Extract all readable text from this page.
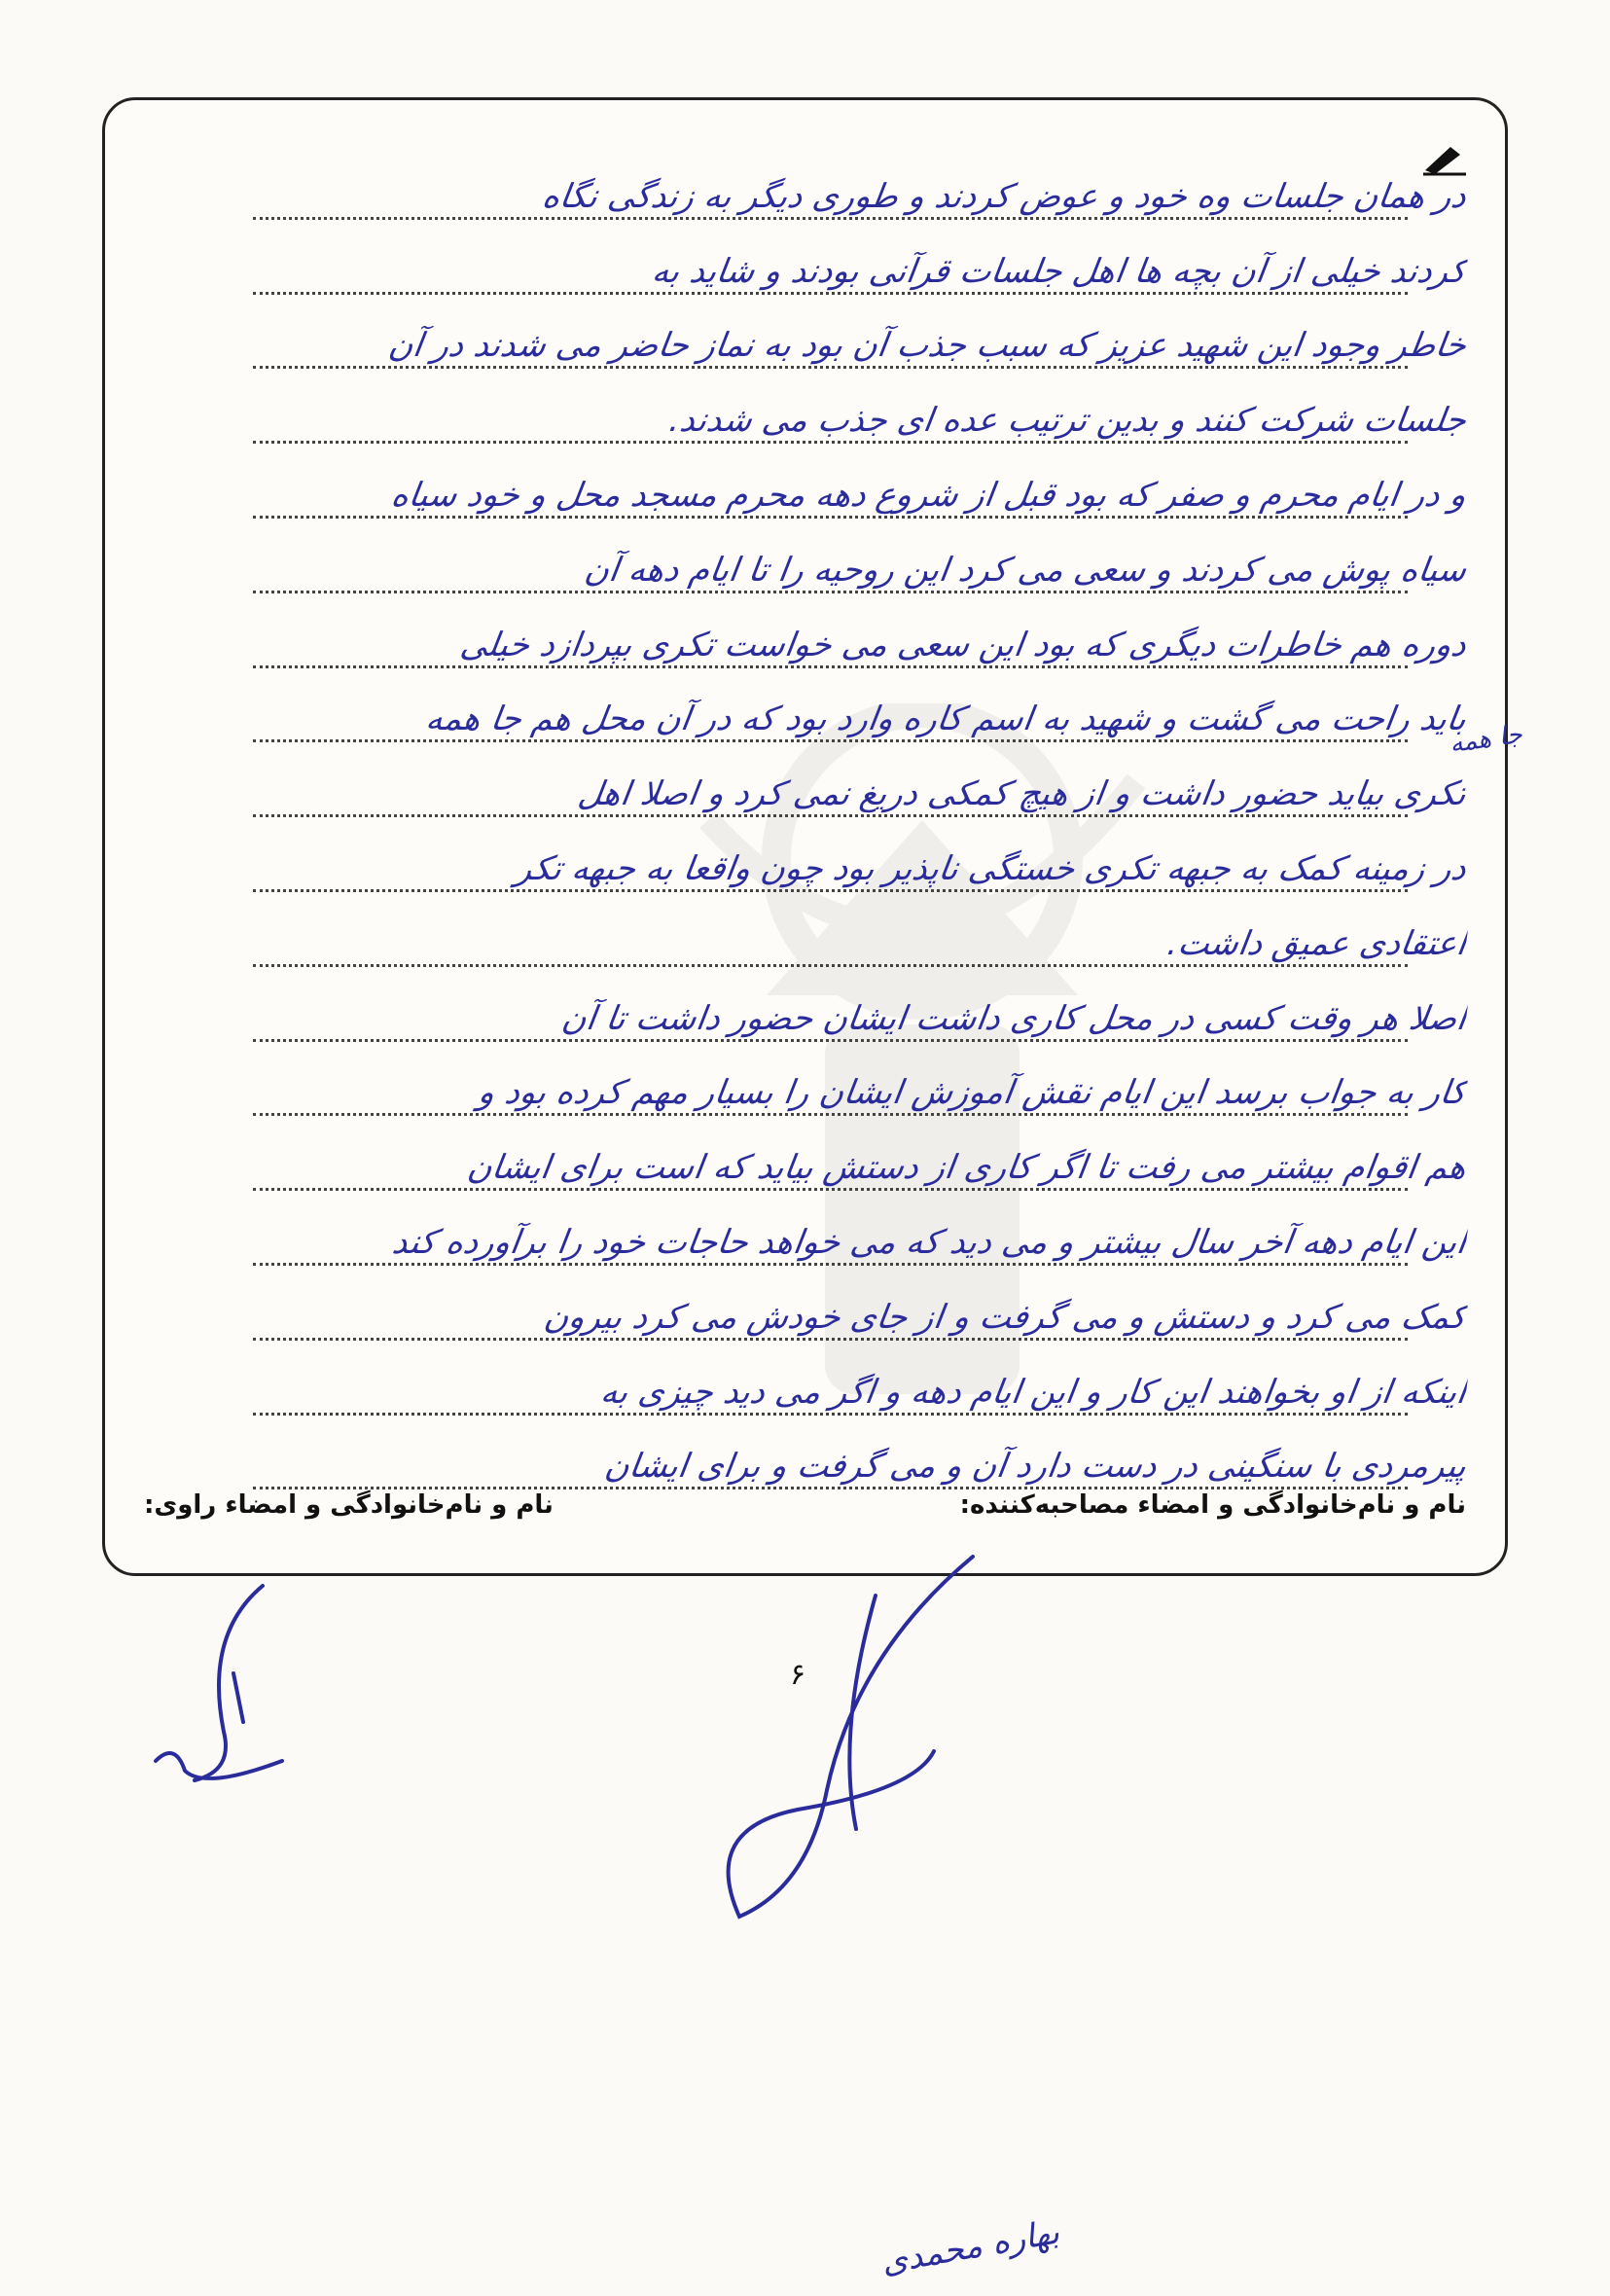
در همان جلسات وه خود و عوض کردند و طوری دیگر به زندگی نگاه
کردند خیلی از آن بچه ها اهل جلسات قرآنی بودند و شاید به
خاطر وجود این شهید عزیز که سبب جذب آن بود به نماز حاضر می شدند در آن
جلسات شرکت کنند و بدین ترتیب عده ای جذب می شدند.
و در ایام محرم و صفر که بود قبل از شروع دهه محرم مسجد محل و خود سیاه
سیاه پوش می کردند و سعی می کرد این روحیه را تا ایام دهه آن
دوره هم خاطرات دیگری که بود این سعی می خواست تکری بپردازد خیلی
باید راحت می گشت و شهید به اسم کاره وارد بود که در آن محل هم جا همه
تکری بیاید حضور داشت و از هیچ کمکی دریغ نمی کرد و اصلا اهل
در زمینه کمک به جبهه تکری خستگی ناپذیر بود چون واقعا به جبهه تکر
اعتقادی عمیق داشت.
اصلا هر وقت کسی در محل کاری داشت ایشان حضور داشت تا آن
کار به جواب برسد این ایام نقش آموزش ایشان را بسیار مهم کرده بود و
هم اقوام بیشتر می رفت تا اگر کاری از دستش بیاید که است برای ایشان
این ایام دهه آخر سال بیشتر و می دید که می خواهد حاجات خود را برآورده کند
کمک می کرد و دستش و می گرفت و از جای خودش می کرد بیرون
اینکه از او بخواهند این کار و این ایام دهه و اگر می دید چیزی به
پیرمردی با سنگینی در دست دارد آن و می گرفت و برای ایشان
جا همه
نام و نام‌خانوادگی و امضاء مصاحبه‌کننده:
نام و نام‌خانوادگی و امضاء راوی:
۶
بهاره محمدی
